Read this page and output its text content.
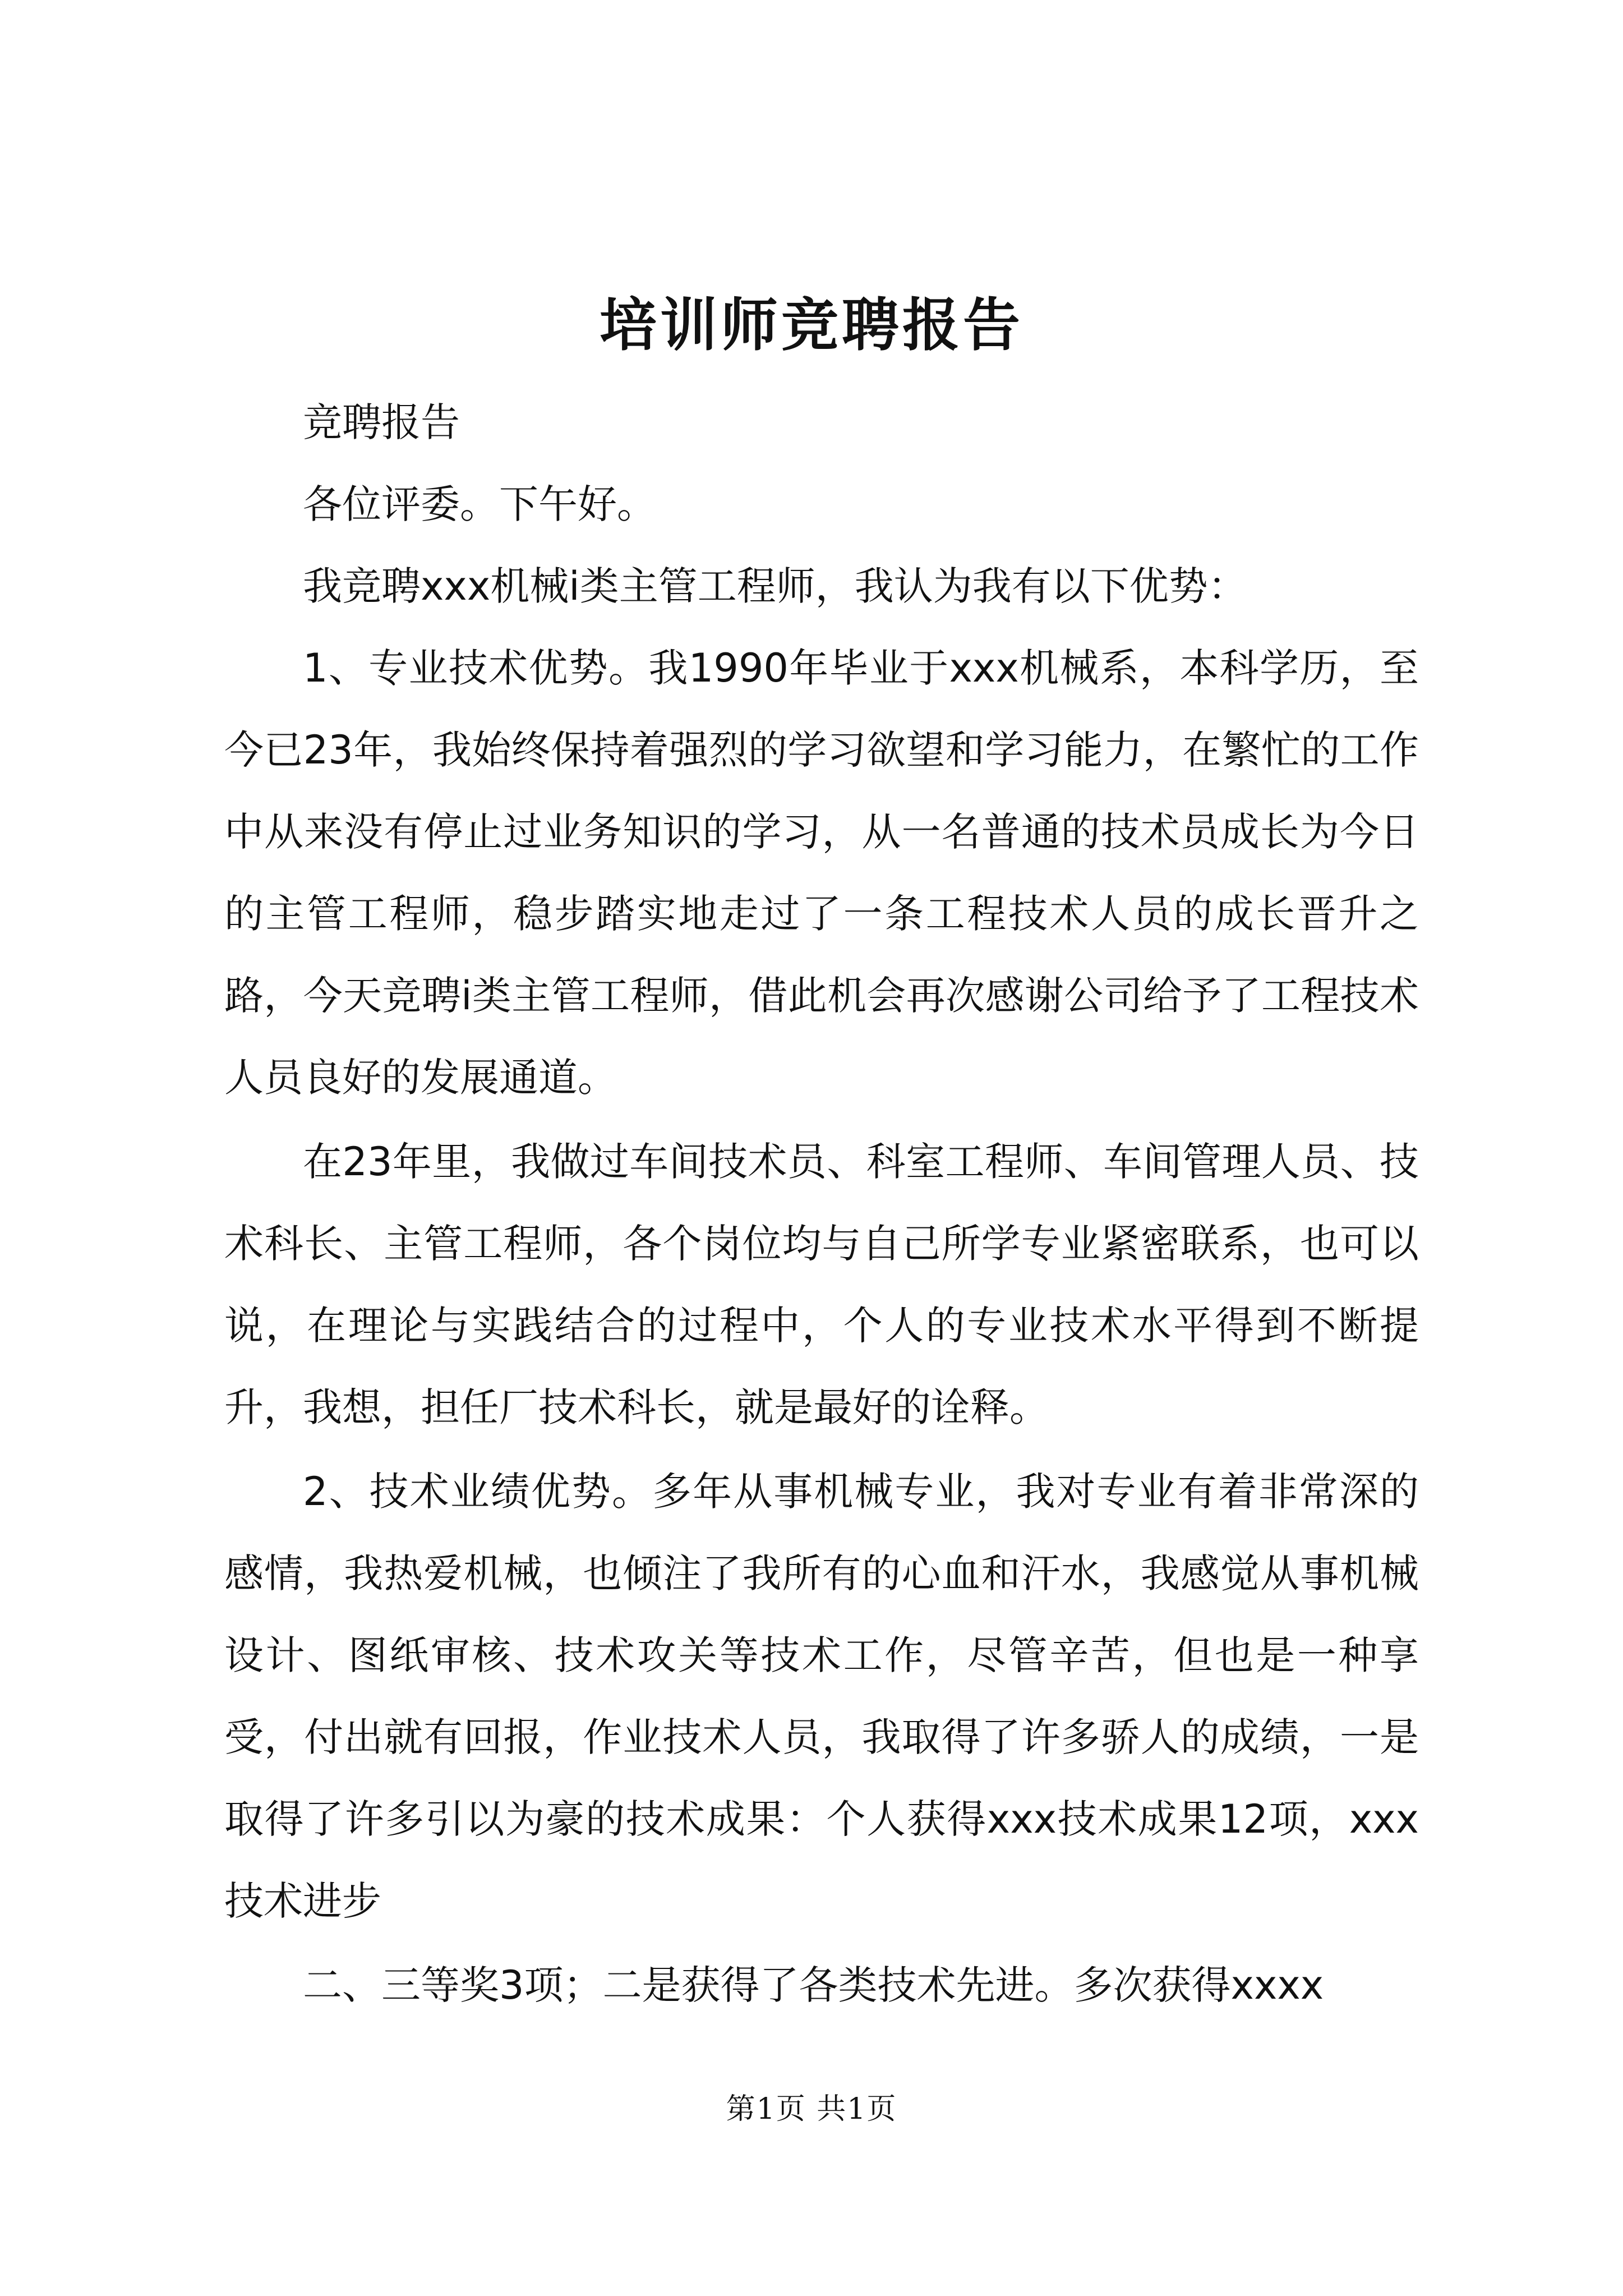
培训师竞聘报告

竞聘报告

各位评委。下午好。

我竞聘xxx机械i类主管工程师，我认为我有以下优势：

1、专业技术优势。我1990年毕业于xxx机械系，本科学历，至今已23年，我始终保持着强烈的学习欲望和学习能力，在繁忙的工作中从来没有停止过业务知识的学习，从一名普通的技术员成长为今日的主管工程师，稳步踏实地走过了一条工程技术人员的成长晋升之路，今天竞聘i类主管工程师，借此机会再次感谢公司给予了工程技术人员良好的发展通道。

在23年里，我做过车间技术员、科室工程师、车间管理人员、技术科长、主管工程师，各个岗位均与自己所学专业紧密联系，也可以说，在理论与实践结合的过程中，个人的专业技术水平得到不断提升，我想，担任厂技术科长，就是最好的诠释。

2、技术业绩优势。多年从事机械专业，我对专业有着非常深的感情，我热爱机械，也倾注了我所有的心血和汗水，我感觉从事机械设计、图纸审核、技术攻关等技术工作，尽管辛苦，但也是一种享受，付出就有回报，作业技术人员，我取得了许多骄人的成绩，一是取得了许多引以为豪的技术成果：个人获得xxx技术成果12项，xxx技术进步

二、三等奖3项；二是获得了各类技术先进。多次获得xxxx

第1页 共1页
